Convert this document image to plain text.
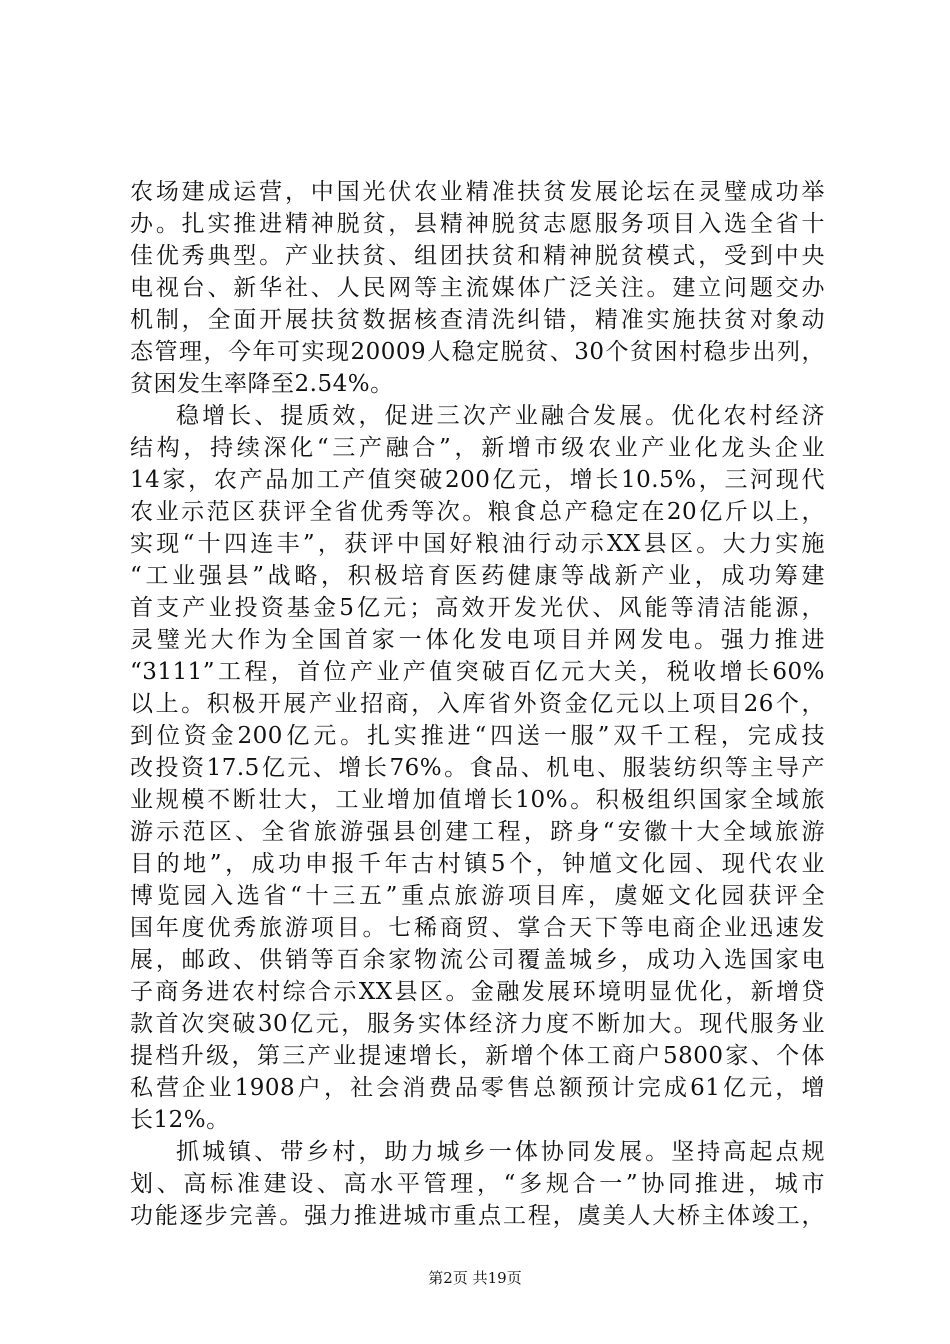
农场建成运营，中国光伏农业精准扶贫发展论坛在灵璧成功举
办。扎实推进精神脱贫，县精神脱贫志愿服务项目入选全省十
佳优秀典型。产业扶贫、组团扶贫和精神脱贫模式，受到中央
电视台、新华社、人民网等主流媒体广泛关注。建立问题交办
机制，全面开展扶贫数据核查清洗纠错，精准实施扶贫对象动
态管理，今年可实现20009人稳定脱贫、30个贫困村稳步出列，
贫困发生率降至2.54%。
稳增长、提质效，促进三次产业融合发展。优化农村经济
结构，持续深化“三产融合”，新增市级农业产业化龙头企业
14家，农产品加工产值突破200亿元，增长10.5%，三河现代
农业示范区获评全省优秀等次。粮食总产稳定在20亿斤以上，
实现“十四连丰”，获评中国好粮油行动示XX县区。大力实施
“工业强县”战略，积极培育医药健康等战新产业，成功筹建
首支产业投资基金5亿元；高效开发光伏、风能等清洁能源，
灵璧光大作为全国首家一体化发电项目并网发电。强力推进
“3111”工程，首位产业产值突破百亿元大关，税收增长60%
以上。积极开展产业招商，入库省外资金亿元以上项目26个，
到位资金200亿元。扎实推进“四送一服”双千工程，完成技
改投资17.5亿元、增长76%。食品、机电、服装纺织等主导产
业规模不断壮大，工业增加值增长10%。积极组织国家全域旅
游示范区、全省旅游强县创建工程，跻身“安徽十大全域旅游
目的地”，成功申报千年古村镇5个，钟馗文化园、现代农业
博览园入选省“十三五”重点旅游项目库，虞姬文化园获评全
国年度优秀旅游项目。七稀商贸、掌合天下等电商企业迅速发
展，邮政、供销等百余家物流公司覆盖城乡，成功入选国家电
子商务进农村综合示XX县区。金融发展环境明显优化，新增贷
款首次突破30亿元，服务实体经济力度不断加大。现代服务业
提档升级，第三产业提速增长，新增个体工商户5800家、个体
私营企业1908户，社会消费品零售总额预计完成61亿元，增
长12%。
抓城镇、带乡村，助力城乡一体协同发展。坚持高起点规
划、高标准建设、高水平管理，“多规合一”协同推进，城市
功能逐步完善。强力推进城市重点工程，虞美人大桥主体竣工，
第2页 共19页
